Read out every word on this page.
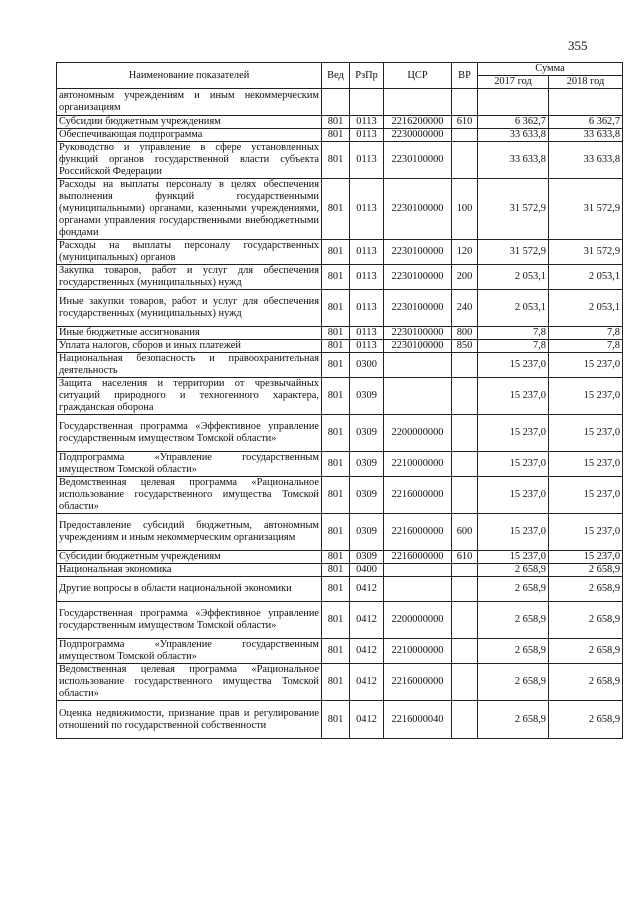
355
Наименование показателей	Вед	РзПр	ЦСР	ВР	Сумма	
					2017 год	2018 год
автономным учреждениям и иным некоммерческим организациям						
Субсидии бюджетным учреждениям	801	0113	2216200000	610	6 362,7	6 362,7
Обеспечивающая подпрограмма	801	0113	2230000000		33 633,8	33 633,8
Руководство и управление в сфере установленных функций органов государственной власти субъекта Российской Федерации	801	0113	2230100000		33 633,8	33 633,8
Расходы на выплаты персоналу в целях обеспечения выполнения функций государственными (муниципальными) органами, казенными учреждениями, органами управления государственными внебюджетными фондами	801	0113	2230100000	100	31 572,9	31 572,9
Расходы на выплаты персоналу государственных (муниципальных) органов	801	0113	2230100000	120	31 572,9	31 572,9
Закупка товаров, работ и услуг для обеспечения государственных (муниципальных) нужд	801	0113	2230100000	200	2 053,1	2 053,1
Иные закупки товаров, работ и услуг для обеспечения государственных (муниципальных) нужд	801	0113	2230100000	240	2 053,1	2 053,1
Иные бюджетные ассигнования	801	0113	2230100000	800	7,8	7,8
Уплата налогов, сборов и иных платежей	801	0113	2230100000	850	7,8	7,8
Национальная безопасность и правоохранительная деятельность	801	0300			15 237,0	15 237,0
Защита населения и территории от чрезвычайных ситуаций природного и техногенного характера, гражданская оборона	801	0309			15 237,0	15 237,0
Государственная программа «Эффективное управление государственным имуществом Томской области»	801	0309	2200000000		15 237,0	15 237,0
Подпрограмма «Управление государственным имуществом Томской области»	801	0309	2210000000		15 237,0	15 237,0
Ведомственная целевая программа «Рациональное использование государственного имущества Томской области»	801	0309	2216000000		15 237,0	15 237,0
Предоставление субсидий бюджетным, автономным учреждениям и иным некоммерческим организациям	801	0309	2216000000	600	15 237,0	15 237,0
Субсидии бюджетным учреждениям	801	0309	2216000000	610	15 237,0	15 237,0
Национальная экономика	801	0400			2 658,9	2 658,9
Другие вопросы в области национальной экономики	801	0412			2 658,9	2 658,9
Государственная программа «Эффективное управление государственным имуществом Томской области»	801	0412	2200000000		2 658,9	2 658,9
Подпрограмма «Управление государственным имуществом Томской области»	801	0412	2210000000		2 658,9	2 658,9
Ведомственная целевая программа «Рациональное использование государственного имущества Томской области»	801	0412	2216000000		2 658,9	2 658,9
Оценка недвижимости, признание прав и регулирование отношений по государственной собственности	801	0412	2216000040		2 658,9	2 658,9
